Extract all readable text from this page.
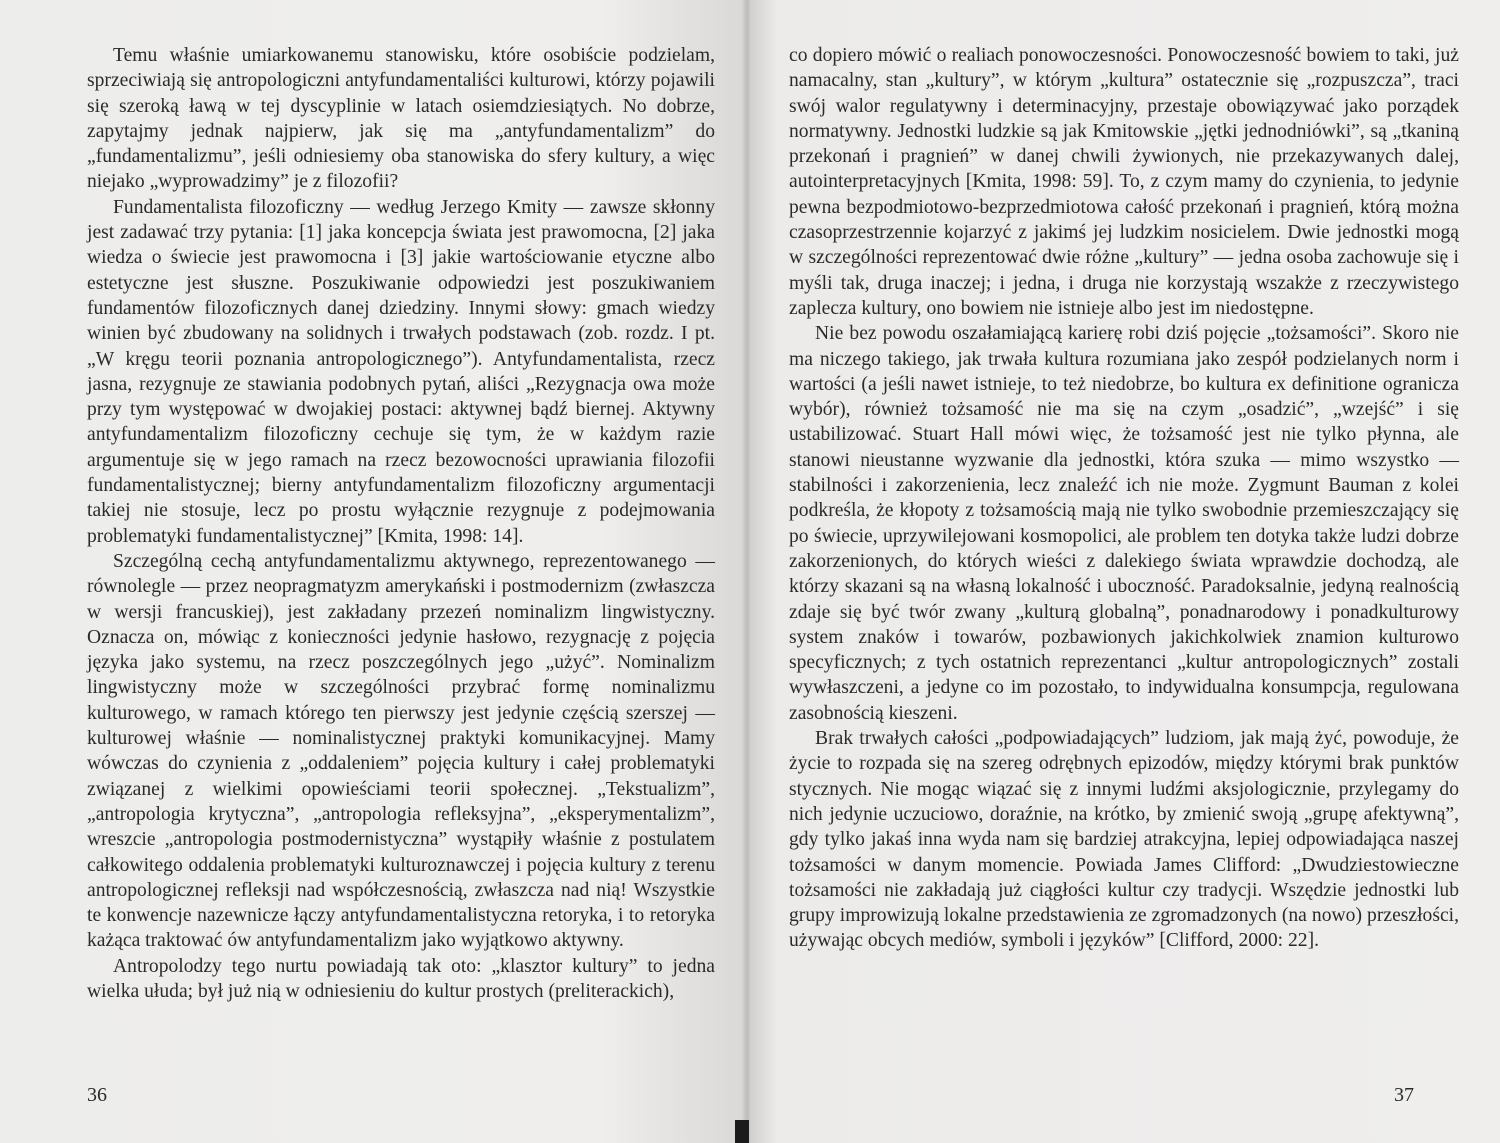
Temu właśnie umiarkowanemu stanowisku, które osobiście podzielam, sprzeciwiają się antropologiczni antyfundamentaliści kulturowi, którzy pojawili się szeroką ławą w tej dyscyplinie w latach osiemdziesiątych. No dobrze, zapytajmy jednak najpierw, jak się ma „antyfundamentalizm” do „fundamentalizmu”, jeśli odniesiemy oba stanowiska do sfery kultury, a więc niejako „wyprowadzimy” je z filozofii?

Fundamentalista filozoficzny — według Jerzego Kmity — zawsze skłonny jest zadawać trzy pytania: [1] jaka koncepcja świata jest prawomocna, [2] jaka wiedza o świecie jest prawomocna i [3] jakie wartościowanie etyczne albo estetyczne jest słuszne. Poszukiwanie odpowiedzi jest poszukiwaniem fundamentów filozoficznych danej dziedziny. Innymi słowy: gmach wiedzy winien być zbudowany na solidnych i trwałych podstawach (zob. rozdz. I pt. „W kręgu teorii poznania antropologicznego”). Antyfundamentalista, rzecz jasna, rezygnuje ze stawiania podobnych pytań, aliści „Rezygnacja owa może przy tym występować w dwojakiej postaci: aktywnej bądź biernej. Aktywny antyfundamentalizm filozoficzny cechuje się tym, że w każdym razie argumentuje się w jego ramach na rzecz bezowocności uprawiania filozofii fundamentalistycznej; bierny antyfundamentalizm filozoficzny argumentacji takiej nie stosuje, lecz po prostu wyłącznie rezygnuje z podejmowania problematyki fundamentalistycznej” [Kmita, 1998: 14].

Szczególną cechą antyfundamentalizmu aktywnego, reprezentowanego — równolegle — przez neopragmatyzm amerykański i postmodernizm (zwłaszcza w wersji francuskiej), jest zakładany przezeń nominalizm lingwistyczny. Oznacza on, mówiąc z konieczności jedynie hasłowo, rezygnację z pojęcia języka jako systemu, na rzecz poszczególnych jego „użyć”. Nominalizm lingwistyczny może w szczególności przybrać formę nominalizmu kulturowego, w ramach którego ten pierwszy jest jedynie częścią szerszej — kulturowej właśnie — nominalistycznej praktyki komunikacyjnej. Mamy wówczas do czynienia z „oddaleniem” pojęcia kultury i całej problematyki związanej z wielkimi opowieściami teorii społecznej. „Tekstualizm”, „antropologia krytyczna”, „antropologia refleksyjna”, „eksperymentalizm”, wreszcie „antropologia postmodernistyczna” wystąpiły właśnie z postulatem całkowitego oddalenia problematyki kulturoznawczej i pojęcia kultury z terenu antropologicznej refleksji nad współczesnością, zwłaszcza nad nią! Wszystkie te konwencje nazewnicze łączy antyfundamentalistyczna retoryka, i to retoryka każąca traktować ów antyfundamentalizm jako wyjątkowo aktywny.

Antropolodzy tego nurtu powiadają tak oto: „klasztor kultury” to jedna wielka ułuda; był już nią w odniesieniu do kultur prostych (preliterackich),

36

co dopiero mówić o realiach ponowoczesności. Ponowoczesność bowiem to taki, już namacalny, stan „kultury”, w którym „kultura” ostatecznie się „rozpuszcza”, traci swój walor regulatywny i determinacyjny, przestaje obowiązywać jako porządek normatywny. Jednostki ludzkie są jak Kmitowskie „jętki jednodniówki”, są „tkaniną przekonań i pragnień” w danej chwili żywionych, nie przekazywanych dalej, autointerpretacyjnych [Kmita, 1998: 59]. To, z czym mamy do czynienia, to jedynie pewna bezpodmiotowo-bezprzedmiotowa całość przekonań i pragnień, którą można czasoprzestrzennie kojarzyć z jakimś jej ludzkim nosicielem. Dwie jednostki mogą w szczególności reprezentować dwie różne „kultury” — jedna osoba zachowuje się i myśli tak, druga inaczej; i jedna, i druga nie korzystają wszakże z rzeczywistego zaplecza kultury, ono bowiem nie istnieje albo jest im niedostępne.

Nie bez powodu oszałamiającą karierę robi dziś pojęcie „tożsamości”. Skoro nie ma niczego takiego, jak trwała kultura rozumiana jako zespół podzielanych norm i wartości (a jeśli nawet istnieje, to też niedobrze, bo kultura ex definitione ogranicza wybór), również tożsamość nie ma się na czym „osadzić”, „wzejść” i się ustabilizować. Stuart Hall mówi więc, że tożsamość jest nie tylko płynna, ale stanowi nieustanne wyzwanie dla jednostki, która szuka — mimo wszystko — stabilności i zakorzenienia, lecz znaleźć ich nie może. Zygmunt Bauman z kolei podkreśla, że kłopoty z tożsamością mają nie tylko swobodnie przemieszczający się po świecie, uprzywilejowani kosmopolici, ale problem ten dotyka także ludzi dobrze zakorzenionych, do których wieści z dalekiego świata wprawdzie dochodzą, ale którzy skazani są na własną lokalność i uboczność. Paradoksalnie, jedyną realnością zdaje się być twór zwany „kulturą globalną”, ponadnarodowy i ponadkulturowy system znaków i towarów, pozbawionych jakichkolwiek znamion kulturowo specyficznych; z tych ostatnich reprezentanci „kultur antropologicznych” zostali wywłaszczeni, a jedyne co im pozostało, to indywidualna konsumpcja, regulowana zasobnością kieszeni.

Brak trwałych całości „podpowiadających” ludziom, jak mają żyć, powoduje, że życie to rozpada się na szereg odrębnych epizodów, między którymi brak punktów stycznych. Nie mogąc wiązać się z innymi ludźmi aksjologicznie, przylegamy do nich jedynie uczuciowo, doraźnie, na krótko, by zmienić swoją „grupę afektywną”, gdy tylko jakaś inna wyda nam się bardziej atrakcyjna, lepiej odpowiadająca naszej tożsamości w danym momencie. Powiada James Clifford: „Dwudziestowieczne tożsamości nie zakładają już ciągłości kultur czy tradycji. Wszędzie jednostki lub grupy improwizują lokalne przedstawienia ze zgromadzonych (na nowo) przeszłości, używając obcych mediów, symboli i języków” [Clifford, 2000: 22].

37
